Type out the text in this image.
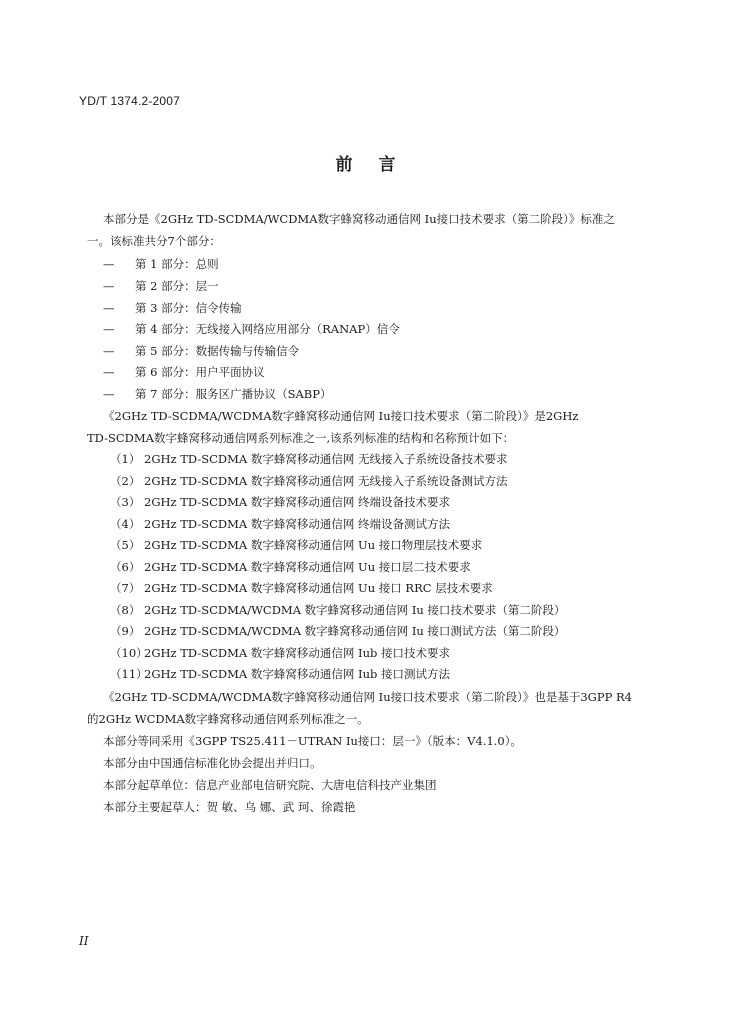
YD/T 1374.2-2007
前言
本部分是《2GHz TD-SCDMA/WCDMA数字蜂窝移动通信网 Iu接口技术要求（第二阶段）》标准之
一。该标准共分7个部分：
— 第 1 部分：总则
— 第 2 部分：层一
— 第 3 部分：信令传输
— 第 4 部分：无线接入网络应用部分（RANAP）信令
— 第 5 部分：数据传输与传输信令
— 第 6 部分：用户平面协议
— 第 7 部分：服务区广播协议（SABP）
《2GHz TD-SCDMA/WCDMA数字蜂窝移动通信网 Iu接口技术要求（第二阶段）》是2GHz
TD-SCDMA数字蜂窝移动通信网系列标准之一,该系列标准的结构和名称预计如下：
（1） 2GHz TD-SCDMA 数字蜂窝移动通信网 无线接入子系统设备技术要求
（2） 2GHz TD-SCDMA 数字蜂窝移动通信网 无线接入子系统设备测试方法
（3） 2GHz TD-SCDMA 数字蜂窝移动通信网 终端设备技术要求
（4） 2GHz TD-SCDMA 数字蜂窝移动通信网 终端设备测试方法
（5） 2GHz TD-SCDMA 数字蜂窝移动通信网 Uu 接口物理层技术要求
（6） 2GHz TD-SCDMA 数字蜂窝移动通信网 Uu 接口层二技术要求
（7） 2GHz TD-SCDMA 数字蜂窝移动通信网 Uu 接口 RRC 层技术要求
（8） 2GHz TD-SCDMA/WCDMA 数字蜂窝移动通信网 Iu 接口技术要求（第二阶段）
（9） 2GHz TD-SCDMA/WCDMA 数字蜂窝移动通信网 Iu 接口测试方法（第二阶段）
（10）2GHz TD-SCDMA 数字蜂窝移动通信网 Iub 接口技术要求
（11）2GHz TD-SCDMA 数字蜂窝移动通信网 Iub 接口测试方法
《2GHz TD-SCDMA/WCDMA数字蜂窝移动通信网 Iu接口技术要求（第二阶段）》也是基于3GPP R4
的2GHz WCDMA数字蜂窝移动通信网系列标准之一。
本部分等同采用《3GPP TS25.411－UTRAN Iu接口：层一》（版本：V4.1.0）。
本部分由中国通信标准化协会提出并归口。
本部分起草单位：信息产业部电信研究院、大唐电信科技产业集团
本部分主要起草人：贺 敏、乌 娜、武 珂、徐霞艳
II
